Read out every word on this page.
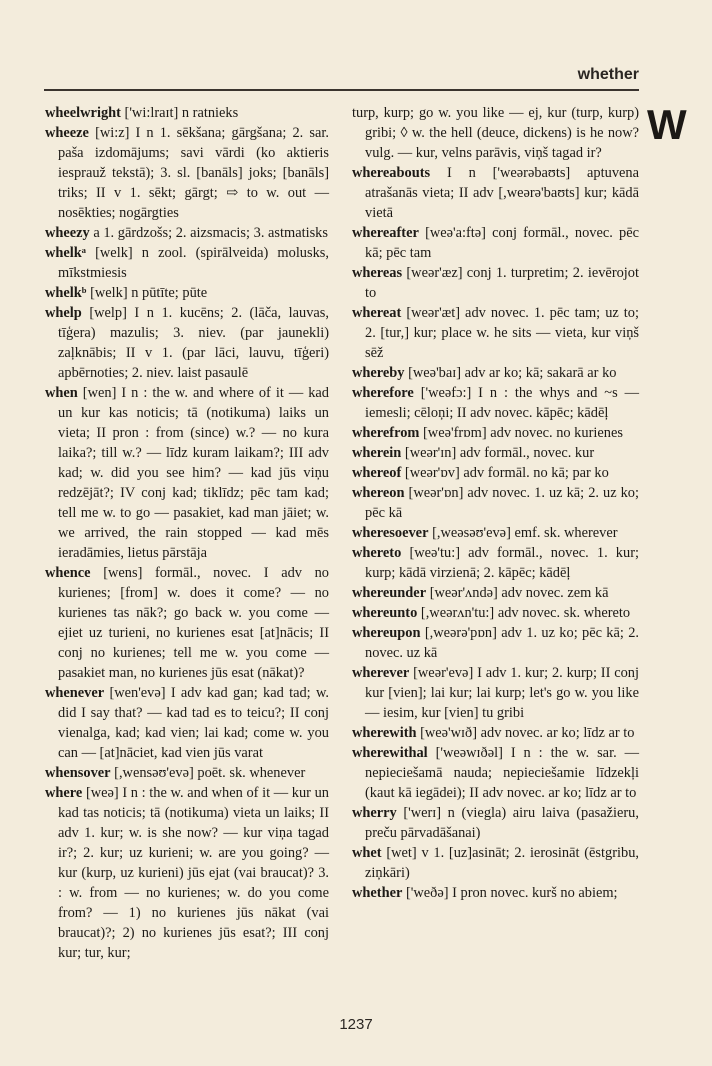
whether
W

wheelwright ['wi:lraɪt] n ratnieks

wheeze [wi:z] I n 1. sēkšana; gārgšana; 2. sar. paša izdomājums; savi vārdi (ko aktieris iesprauž tekstā); 3. sl. [banāls] joks; [banāls] triks; II v 1. sēkt; gārgt; ⇨ to w. out — nosēkties; nogārgties

wheezy a 1. gārdzošs; 2. aizsmacis; 3. astmatisks

whelkᵃ [welk] n zool. (spirālveida) molusks, mīkstmiesis

whelkᵇ [welk] n pūtīte; pūte

whelp [welp] I n 1. kucēns; 2. (lāča, lauvas, tīģera) mazulis; 3. niev. (par jaunekli) zaļknābis; II v 1. (par lāci, lauvu, tīģeri) apbērnoties; 2. niev. laist pasaulē

when [wen] I n : the w. and where of it — kad un kur kas noticis; tā (notikuma) laiks un vieta; II pron : from (since) w.? — no kura laika?; till w.? — līdz kuram laikam?; III adv kad; w. did you see him? — kad jūs viņu redzējāt?; IV conj kad; tiklīdz; pēc tam kad; tell me w. to go — pasakiet, kad man jāiet; w. we arrived, the rain stopped — kad mēs ieradāmies, lietus pārstāja

whence [wens] formāl., novec. I adv no kurienes; [from] w. does it come? — no kurienes tas nāk?; go back w. you come — ejiet uz turieni, no kurienes esat [at]nācis; II conj no kurienes; tell me w. you come — pasakiet man, no kurienes jūs esat (nākat)?

whenever [wen'evə] I adv kad gan; kad tad; w. did I say that? — kad tad es to teicu?; II conj vienalga, kad; kad vien; lai kad; come w. you can — [at]nāciet, kad vien jūs varat

whensover [,wensəʊ'evə] poēt. sk. whenever

where [weə] I n : the w. and when of it — kur un kad tas noticis; tā (notikuma) vieta un laiks; II adv 1. kur; w. is she now? — kur viņa tagad ir?; 2. kur; uz kurieni; w. are you going? — kur (kurp, uz kurieni) jūs ejat (vai braucat)? 3. : w. from — no kurienes; w. do you come from? — 1) no kurienes jūs nākat (vai braucat)?; 2) no kurienes jūs esat?; III conj kur; tur, kur;

turp, kurp; go w. you like — ej, kur (turp, kurp) gribi; ◊ w. the hell (deuce, dickens) is he now? vulg. — kur, velns parāvis, viņš tagad ir?

whereabouts I n ['weərəbaʊts] aptuvena atrašanās vieta; II adv [,weərə'baʊts] kur; kādā vietā

whereafter [weə'a:ftə] conj formāl., novec. pēc kā; pēc tam

whereas [weər'æz] conj 1. turpretim; 2. ievērojot to

whereat [weər'æt] adv novec. 1. pēc tam; uz to; 2. [tur,] kur; place w. he sits — vieta, kur viņš sēž

whereby [weə'baɪ] adv ar ko; kā; sakarā ar ko

wherefore ['weəfɔ:] I n : the whys and ~s — iemesli; cēloņi; II adv novec. kāpēc; kādēļ

wherefrom [weə'frɒm] adv novec. no kurienes

wherein [weər'ɪn] adv formāl., novec. kur

whereof [weər'ɒv] adv formāl. no kā; par ko

whereon [weər'ɒn] adv novec. 1. uz kā; 2. uz ko; pēc kā

wheresoever [,weəsəʊ'evə] emf. sk. wherever

whereto [weə'tu:] adv formāl., novec. 1. kur; kurp; kādā virzienā; 2. kāpēc; kādēļ

whereunder [weər'ʌndə] adv novec. zem kā

whereunto [,weərʌn'tu:] adv novec. sk. whereto

whereupon [,weərə'pɒn] adv 1. uz ko; pēc kā; 2. novec. uz kā

wherever [weər'evə] I adv 1. kur; 2. kurp; II conj kur [vien]; lai kur; lai kurp; let's go w. you like — iesim, kur [vien] tu gribi

wherewith [weə'wɪð] adv novec. ar ko; līdz ar to

wherewithal ['weəwɪðəl] I n : the w. sar. — nepieciešamā nauda; nepieciešamie līdzekļi (kaut kā iegādei); II adv novec. ar ko; līdz ar to

wherry ['werɪ] n (viegla) airu laiva (pasažieru, preču pārvadāšanai)

whet [wet] v 1. [uz]asināt; 2. ierosināt (ēstgribu, ziņkāri)

whether ['weðə] I pron novec. kurš no abiem;

1237
